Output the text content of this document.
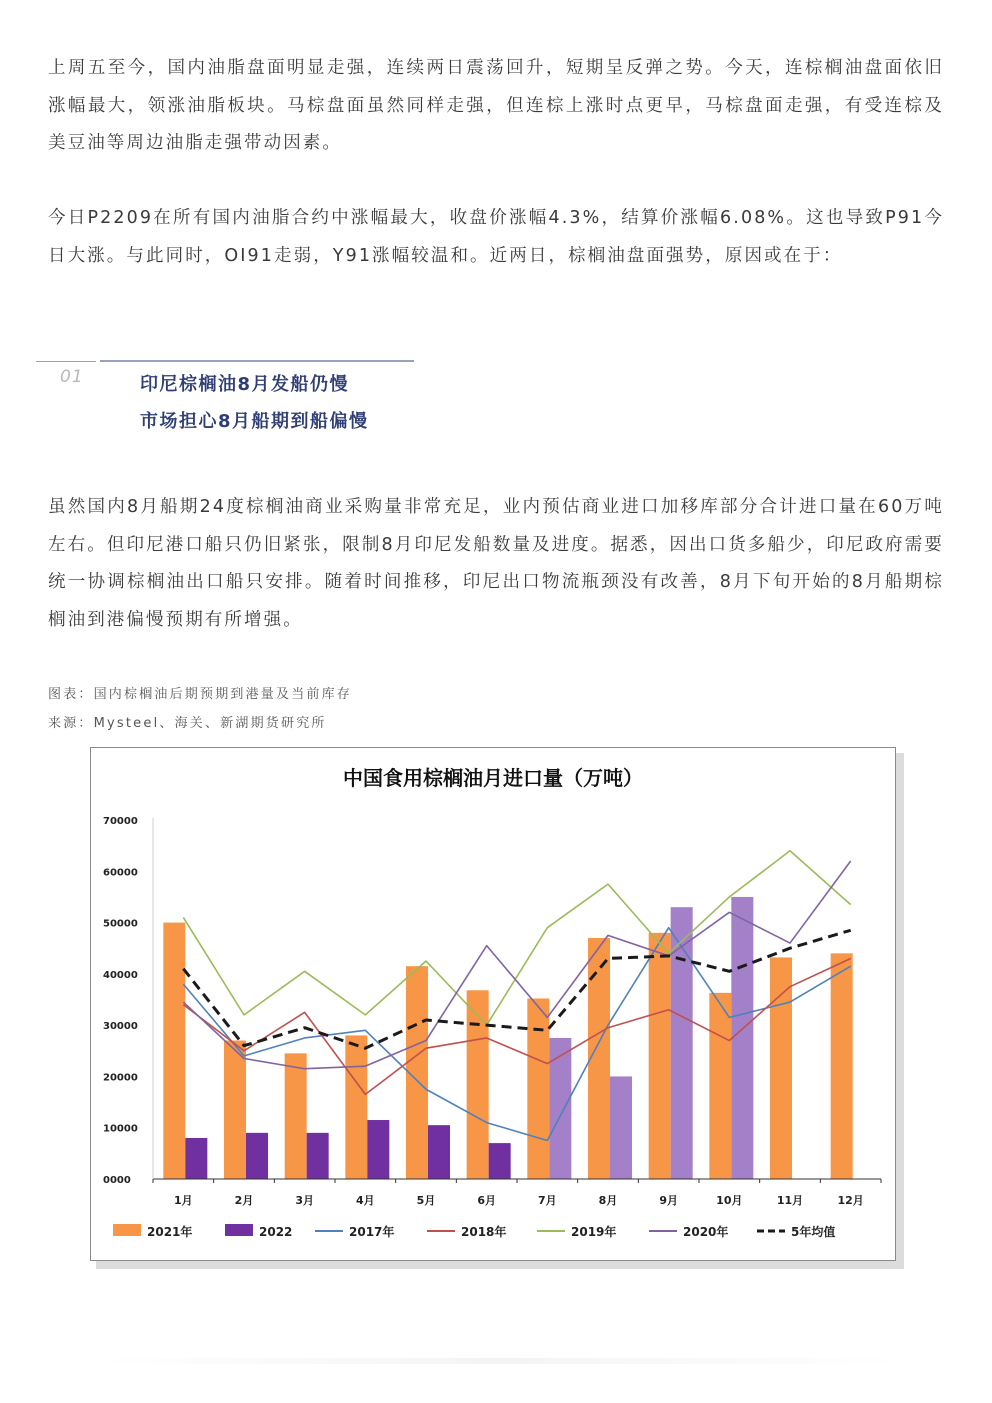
上周五至今，国内油脂盘面明显走强，连续两日震荡回升，短期呈反弹之势。今天，连棕榈油盘面依旧涨幅最大，领涨油脂板块。马棕盘面虽然同样走强，但连棕上涨时点更早，马棕盘面走强，有受连棕及美豆油等周边油脂走强带动因素。
今日P2209在所有国内油脂合约中涨幅最大，收盘价涨幅4.3%，结算价涨幅6.08%。这也导致P91今日大涨。与此同时，OI91走弱，Y91涨幅较温和。近两日，棕榈油盘面强势，原因或在于：
01	印尼棕榈油8月发船仍慢
市场担心8月船期到船偏慢
虽然国内8月船期24度棕榈油商业采购量非常充足，业内预估商业进口加移库部分合计进口量在60万吨左右。但印尼港口船只仍旧紧张，限制8月印尼发船数量及进度。据悉，因出口货多船少，印尼政府需要统一协调棕榈油出口船只安排。随着时间推移，印尼出口物流瓶颈没有改善，8月下旬开始的8月船期棕榈油到港偏慢预期有所增强。
图表：国内棕榈油后期预期到港量及当前库存
来源：Mysteel、海关、新湖期货研究所
中国食用棕榈油月进口量（万吨）
0000
10000
20000
30000
40000
50000
60000
70000
1月	2月	3月	4月	5月	6月	7月	8月	9月	10月	11月	12月
2021年	2022	2017年	2018年	2019年	2020年	5年均值
